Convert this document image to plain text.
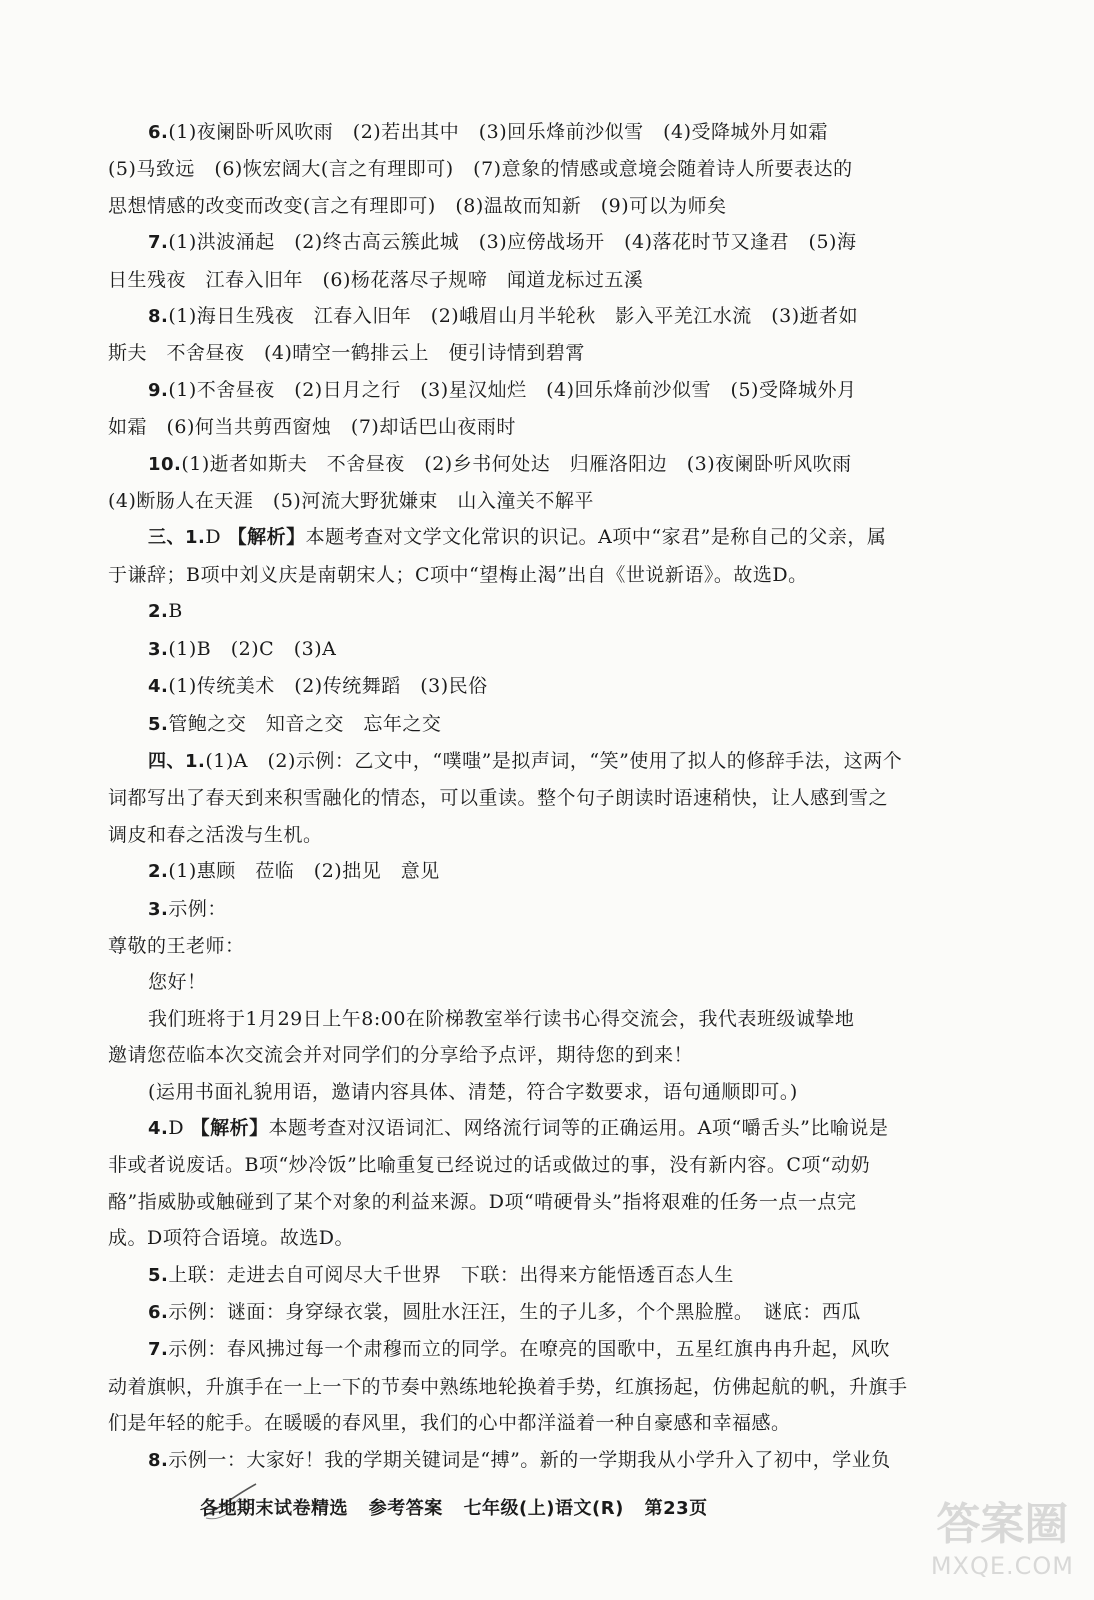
6.(1)夜阑卧听风吹雨　(2)若出其中　(3)回乐烽前沙似雪　(4)受降城外月如霜

(5)马致远　(6)恢宏阔大(言之有理即可)　(7)意象的情感或意境会随着诗人所要表达的

思想情感的改变而改变(言之有理即可)　(8)温故而知新　(9)可以为师矣

7.(1)洪波涌起　(2)终古高云簇此城　(3)应傍战场开　(4)落花时节又逢君　(5)海

日生残夜　江春入旧年　(6)杨花落尽子规啼　闻道龙标过五溪

8.(1)海日生残夜　江春入旧年　(2)峨眉山月半轮秋　影入平羌江水流　(3)逝者如

斯夫　不舍昼夜　(4)晴空一鹤排云上　便引诗情到碧霄

9.(1)不舍昼夜　(2)日月之行　(3)星汉灿烂　(4)回乐烽前沙似雪　(5)受降城外月

如霜　(6)何当共剪西窗烛　(7)却话巴山夜雨时

10.(1)逝者如斯夫　不舍昼夜　(2)乡书何处达　归雁洛阳边　(3)夜阑卧听风吹雨

(4)断肠人在天涯　(5)河流大野犹嫌束　山入潼关不解平

三、1.D 【解析】本题考查对文学文化常识的识记。A项中“家君”是称自己的父亲，属

于谦辞；B项中刘义庆是南朝宋人；C项中“望梅止渴”出自《世说新语》。故选D。

2.B

3.(1)B　(2)C　(3)A

4.(1)传统美术　(2)传统舞蹈　(3)民俗

5.管鲍之交　知音之交　忘年之交

四、1.(1)A　(2)示例：乙文中，“噗嗤”是拟声词，“笑”使用了拟人的修辞手法，这两个

词都写出了春天到来积雪融化的情态，可以重读。整个句子朗读时语速稍快，让人感到雪之

调皮和春之活泼与生机。

2.(1)惠顾　莅临　(2)拙见　意见

3.示例：

尊敬的王老师：

您好！

我们班将于1月29日上午8:00在阶梯教室举行读书心得交流会，我代表班级诚挚地

邀请您莅临本次交流会并对同学们的分享给予点评，期待您的到来！

(运用书面礼貌用语，邀请内容具体、清楚，符合字数要求，语句通顺即可。)

4.D 【解析】本题考查对汉语词汇、网络流行词等的正确运用。A项“嚼舌头”比喻说是

非或者说废话。B项“炒冷饭”比喻重复已经说过的话或做过的事，没有新内容。C项“动奶

酪”指威胁或触碰到了某个对象的利益来源。D项“啃硬骨头”指将艰难的任务一点一点完

成。D项符合语境。故选D。

5.上联：走进去自可阅尽大千世界　下联：出得来方能悟透百态人生

6.示例：谜面：身穿绿衣裳，圆肚水汪汪，生的子儿多，个个黑脸膛。　谜底：西瓜

7.示例：春风拂过每一个肃穆而立的同学。在嘹亮的国歌中，五星红旗冉冉升起，风吹

动着旗帜，升旗手在一上一下的节奏中熟练地轮换着手势，红旗扬起，仿佛起航的帆，升旗手

们是年轻的舵手。在暖暖的春风里，我们的心中都洋溢着一种自豪感和幸福感。

8.示例一：大家好！我的学期关键词是“搏”。新的一学期我从小学升入了初中，学业负

各地期末试卷精选 参考答案 七年级(上)语文(R) 第23页	答案圈
MXQE.COM
